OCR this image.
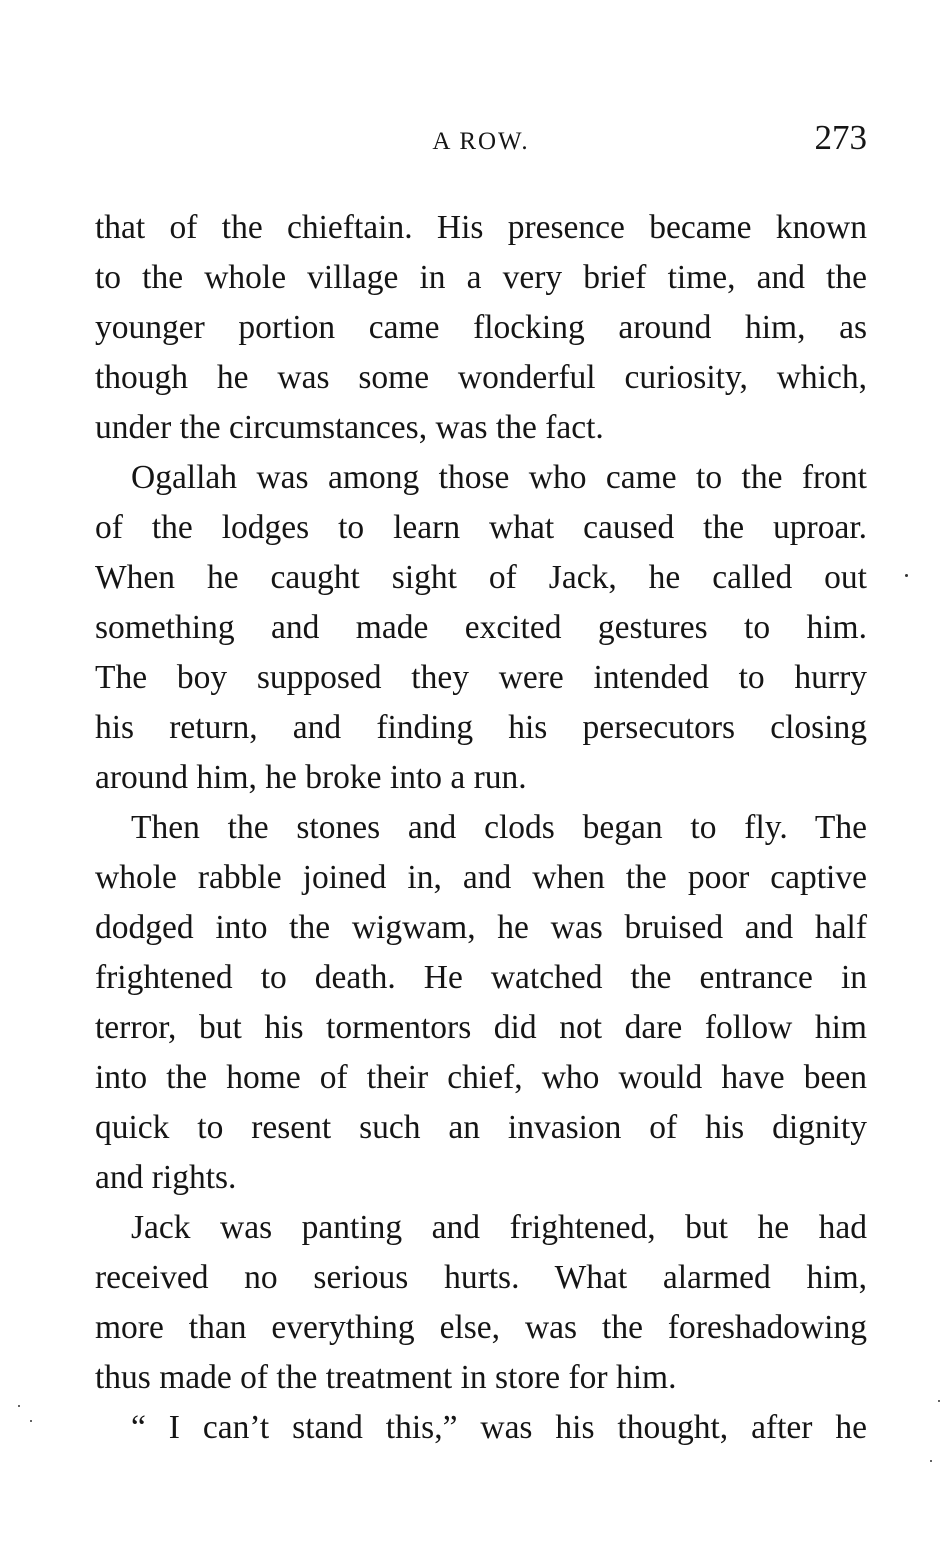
A ROW.	273
that of the chieftain. His presence became known
to the whole village in a very brief time, and the
younger portion came flocking around him, as
though he was some wonderful curiosity, which,
under the circumstances, was the fact.
Ogallah was among those who came to the front
of the lodges to learn what caused the uproar.
When he caught sight of Jack, he called out
something and made excited gestures to him.
The boy supposed they were intended to hurry
his return, and finding his persecutors closing
around him, he broke into a run.
Then the stones and clods began to fly. The
whole rabble joined in, and when the poor captive
dodged into the wigwam, he was bruised and half
frightened to death. He watched the entrance in
terror, but his tormentors did not dare follow him
into the home of their chief, who would have been
quick to resent such an invasion of his dignity
and rights.
Jack was panting and frightened, but he had
received no serious hurts. What alarmed him,
more than everything else, was the foreshadowing
thus made of the treatment in store for him.
“ I can’t stand this,” was his thought, after he
